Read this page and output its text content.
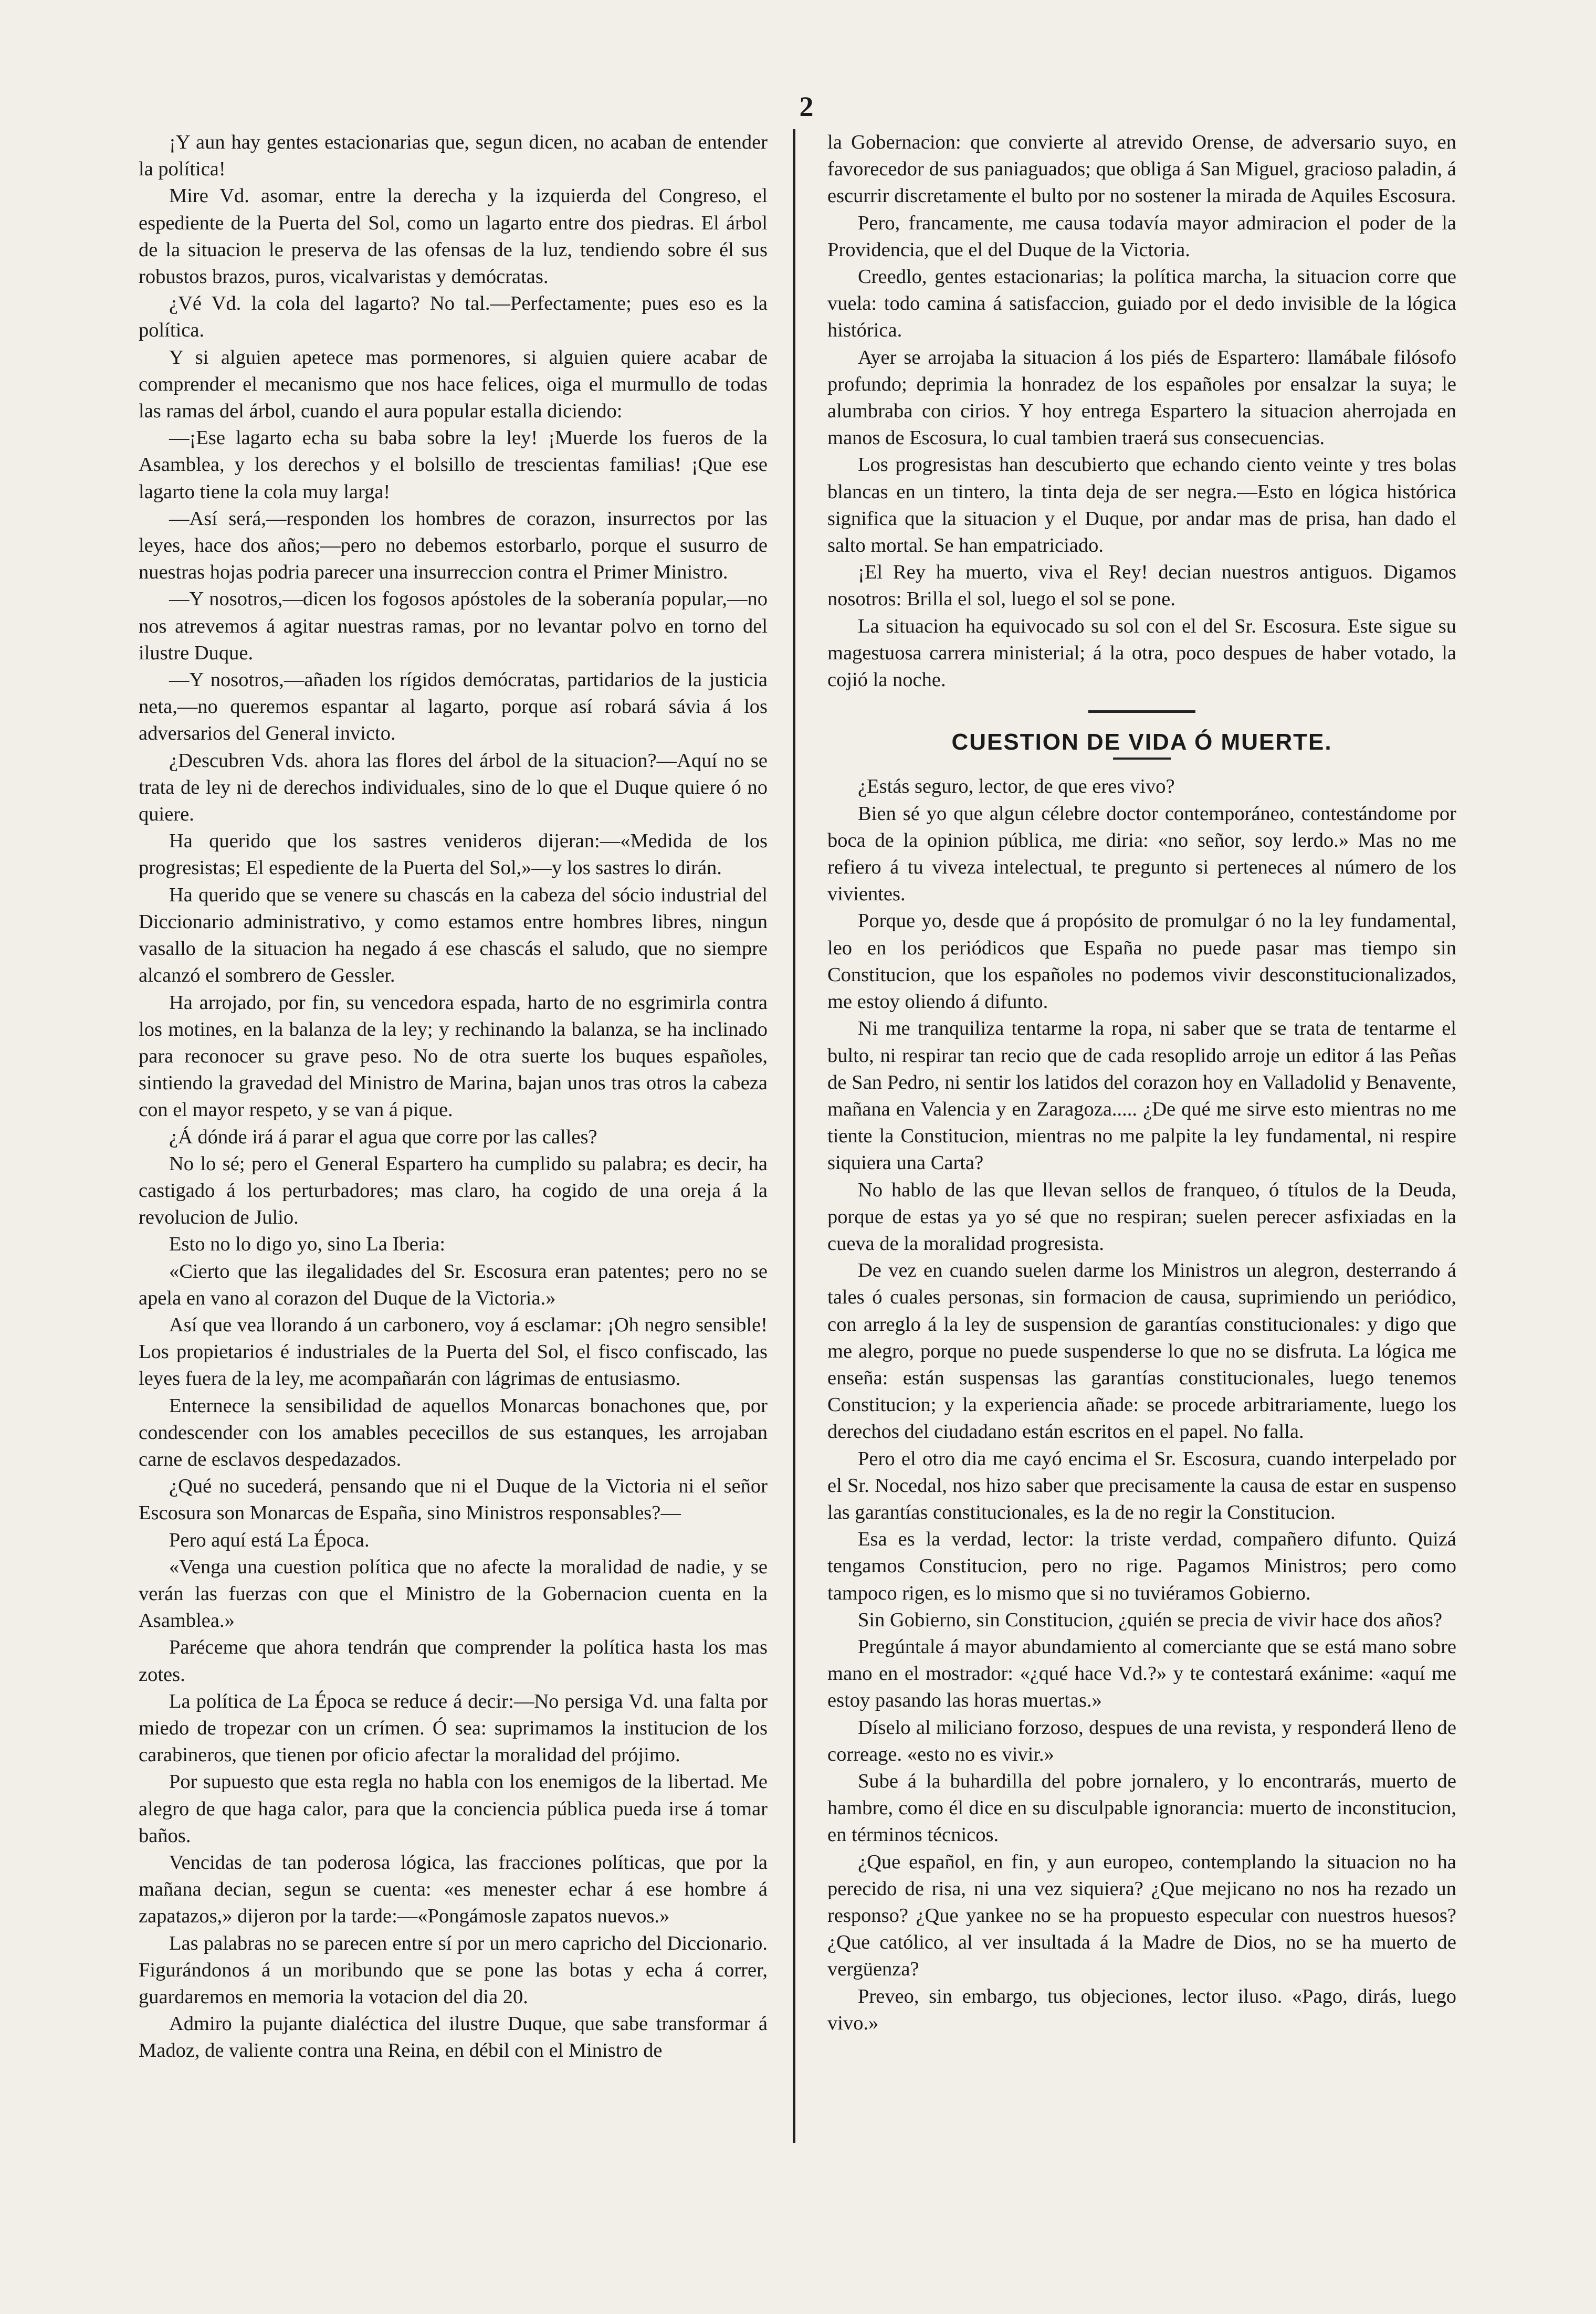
2

¡Y aun hay gentes estacionarias que, segun dicen, no acaban de entender la política!

Mire Vd. asomar, entre la derecha y la izquierda del Congreso, el espediente de la Puerta del Sol, como un lagarto entre dos piedras. El árbol de la situacion le preserva de las ofensas de la luz, tendiendo sobre él sus robustos brazos, puros, vicalvaristas y demócratas.

¿Vé Vd. la cola del lagarto? No tal.—Perfectamente; pues eso es la política.

Y si alguien apetece mas pormenores, si alguien quiere acabar de comprender el mecanismo que nos hace felices, oiga el murmullo de todas las ramas del árbol, cuando el aura popular estalla diciendo:

—¡Ese lagarto echa su baba sobre la ley! ¡Muerde los fueros de la Asamblea, y los derechos y el bolsillo de trescientas familias! ¡Que ese lagarto tiene la cola muy larga!

—Así será,—responden los hombres de corazon, insurrectos por las leyes, hace dos años;—pero no debemos estorbarlo, porque el susurro de nuestras hojas podria parecer una insurreccion contra el Primer Ministro.

—Y nosotros,—dicen los fogosos apóstoles de la soberanía popular,—no nos atrevemos á agitar nuestras ramas, por no levantar polvo en torno del ilustre Duque.

—Y nosotros,—añaden los rígidos demócratas, partidarios de la justicia neta,—no queremos espantar al lagarto, porque así robará sávia á los adversarios del General invicto.

¿Descubren Vds. ahora las flores del árbol de la situacion?—Aquí no se trata de ley ni de derechos individuales, sino de lo que el Duque quiere ó no quiere.

Ha querido que los sastres venideros dijeran:—«Medida de los progresistas; El espediente de la Puerta del Sol,»—y los sastres lo dirán.

Ha querido que se venere su chascás en la cabeza del sócio industrial del Diccionario administrativo, y como estamos entre hombres libres, ningun vasallo de la situacion ha negado á ese chascás el saludo, que no siempre alcanzó el sombrero de Gessler.

Ha arrojado, por fin, su vencedora espada, harto de no esgrimirla contra los motines, en la balanza de la ley; y rechinando la balanza, se ha inclinado para reconocer su grave peso. No de otra suerte los buques españoles, sintiendo la gravedad del Ministro de Marina, bajan unos tras otros la cabeza con el mayor respeto, y se van á pique.

¿Á dónde irá á parar el agua que corre por las calles?

No lo sé; pero el General Espartero ha cumplido su palabra; es decir, ha castigado á los perturbadores; mas claro, ha cogido de una oreja á la revolucion de Julio.

Esto no lo digo yo, sino La Iberia:

«Cierto que las ilegalidades del Sr. Escosura eran patentes; pero no se apela en vano al corazon del Duque de la Victoria.»

Así que vea llorando á un carbonero, voy á esclamar: ¡Oh negro sensible! Los propietarios é industriales de la Puerta del Sol, el fisco confiscado, las leyes fuera de la ley, me acompañarán con lágrimas de entusiasmo.

Enternece la sensibilidad de aquellos Monarcas bonachones que, por condescender con los amables pececillos de sus estanques, les arrojaban carne de esclavos despedazados.

¿Qué no sucederá, pensando que ni el Duque de la Victoria ni el señor Escosura son Monarcas de España, sino Ministros responsables?—

Pero aquí está La Época.

«Venga una cuestion política que no afecte la moralidad de nadie, y se verán las fuerzas con que el Ministro de la Gobernacion cuenta en la Asamblea.»

Paréceme que ahora tendrán que comprender la política hasta los mas zotes.

La política de La Época se reduce á decir:—No persiga Vd. una falta por miedo de tropezar con un crímen. Ó sea: suprimamos la institucion de los carabineros, que tienen por oficio afectar la moralidad del prójimo.

Por supuesto que esta regla no habla con los enemigos de la libertad. Me alegro de que haga calor, para que la conciencia pública pueda irse á tomar baños.

Vencidas de tan poderosa lógica, las fracciones políticas, que por la mañana decian, segun se cuenta: «es menester echar á ese hombre á zapatazos,» dijeron por la tarde:—«Pongámosle zapatos nuevos.»

Las palabras no se parecen entre sí por un mero capricho del Diccionario. Figurándonos á un moribundo que se pone las botas y echa á correr, guardaremos en memoria la votacion del dia 20.

Admiro la pujante dialéctica del ilustre Duque, que sabe transformar á Madoz, de valiente contra una Reina, en débil con el Ministro de

la Gobernacion: que convierte al atrevido Orense, de adversario suyo, en favorecedor de sus paniaguados; que obliga á San Miguel, gracioso paladin, á escurrir discretamente el bulto por no sostener la mirada de Aquiles Escosura.

Pero, francamente, me causa todavía mayor admiracion el poder de la Providencia, que el del Duque de la Victoria.

Creedlo, gentes estacionarias; la política marcha, la situacion corre que vuela: todo camina á satisfaccion, guiado por el dedo invisible de la lógica histórica.

Ayer se arrojaba la situacion á los piés de Espartero: llamábale filósofo profundo; deprimia la honradez de los españoles por ensalzar la suya; le alumbraba con cirios. Y hoy entrega Espartero la situacion aherrojada en manos de Escosura, lo cual tambien traerá sus consecuencias.

Los progresistas han descubierto que echando ciento veinte y tres bolas blancas en un tintero, la tinta deja de ser negra.—Esto en lógica histórica significa que la situacion y el Duque, por andar mas de prisa, han dado el salto mortal. Se han empatriciado.

¡El Rey ha muerto, viva el Rey! decian nuestros antiguos. Digamos nosotros: Brilla el sol, luego el sol se pone.

La situacion ha equivocado su sol con el del Sr. Escosura. Este sigue su magestuosa carrera ministerial; á la otra, poco despues de haber votado, la cojió la noche.

CUESTION DE VIDA Ó MUERTE.

¿Estás seguro, lector, de que eres vivo?

Bien sé yo que algun célebre doctor contemporáneo, contestándome por boca de la opinion pública, me diria: «no señor, soy lerdo.» Mas no me refiero á tu viveza intelectual, te pregunto si perteneces al número de los vivientes.

Porque yo, desde que á propósito de promulgar ó no la ley fundamental, leo en los periódicos que España no puede pasar mas tiempo sin Constitucion, que los españoles no podemos vivir desconstitucionalizados, me estoy oliendo á difunto.

Ni me tranquiliza tentarme la ropa, ni saber que se trata de tentarme el bulto, ni respirar tan recio que de cada resoplido arroje un editor á las Peñas de San Pedro, ni sentir los latidos del corazon hoy en Valladolid y Benavente, mañana en Valencia y en Zaragoza..... ¿De qué me sirve esto mientras no me tiente la Constitucion, mientras no me palpite la ley fundamental, ni respire siquiera una Carta?

No hablo de las que llevan sellos de franqueo, ó títulos de la Deuda, porque de estas ya yo sé que no respiran; suelen perecer asfixiadas en la cueva de la moralidad progresista.

De vez en cuando suelen darme los Ministros un alegron, desterrando á tales ó cuales personas, sin formacion de causa, suprimiendo un periódico, con arreglo á la ley de suspension de garantías constitucionales: y digo que me alegro, porque no puede suspenderse lo que no se disfruta. La lógica me enseña: están suspensas las garantías constitucionales, luego tenemos Constitucion; y la experiencia añade: se procede arbitrariamente, luego los derechos del ciudadano están escritos en el papel. No falla.

Pero el otro dia me cayó encima el Sr. Escosura, cuando interpelado por el Sr. Nocedal, nos hizo saber que precisamente la causa de estar en suspenso las garantías constitucionales, es la de no regir la Constitucion.

Esa es la verdad, lector: la triste verdad, compañero difunto. Quizá tengamos Constitucion, pero no rige. Pagamos Ministros; pero como tampoco rigen, es lo mismo que si no tuviéramos Gobierno.

Sin Gobierno, sin Constitucion, ¿quién se precia de vivir hace dos años?

Pregúntale á mayor abundamiento al comerciante que se está mano sobre mano en el mostrador: «¿qué hace Vd.?» y te contestará exánime: «aquí me estoy pasando las horas muertas.»

Díselo al miliciano forzoso, despues de una revista, y responderá lleno de correage. «esto no es vivir.»

Sube á la buhardilla del pobre jornalero, y lo encontrarás, muerto de hambre, como él dice en su disculpable ignorancia: muerto de inconstitucion, en términos técnicos.

¿Que español, en fin, y aun europeo, contemplando la situacion no ha perecido de risa, ni una vez siquiera? ¿Que mejicano no nos ha rezado un responso? ¿Que yankee no se ha propuesto especular con nuestros huesos? ¿Que católico, al ver insultada á la Madre de Dios, no se ha muerto de vergüenza?

Preveo, sin embargo, tus objeciones, lector iluso. «Pago, dirás, luego vivo.»
